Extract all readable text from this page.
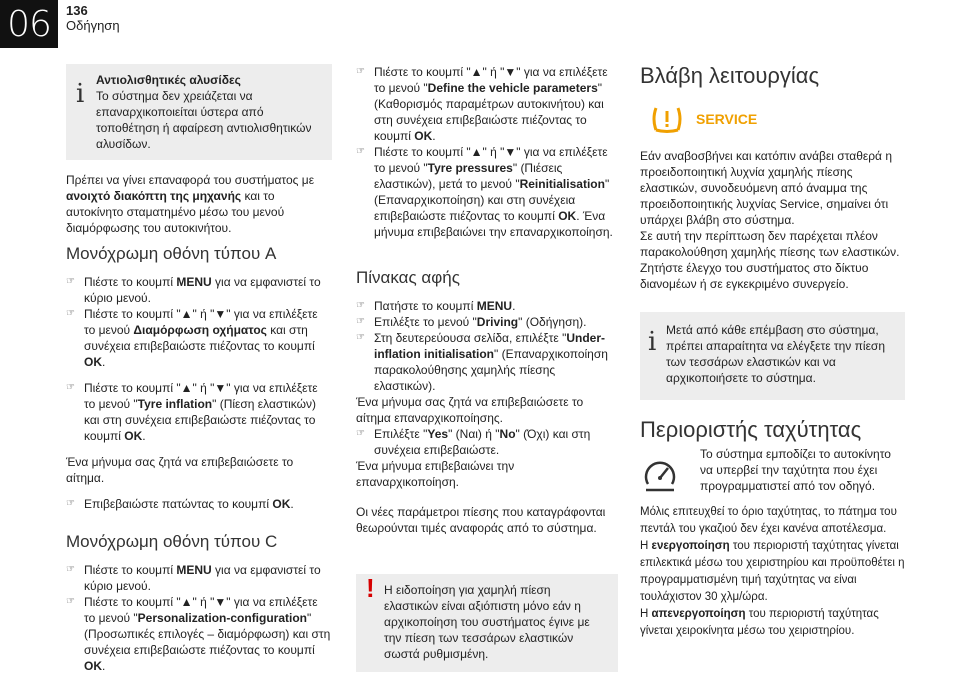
06	136
Οδήγηση
i Αντιολισθητικές αλυσίδες
Το σύστημα δεν χρειάζεται να επαναρχικοποιείται ύστερα από τοποθέτηση ή αφαίρεση αντιολισθητικών αλυσίδων.

Πρέπει να γίνει επαναφορά του συστήματος με ανοιχτό διακόπτη της μηχανής και το αυτοκίνητο σταματημένο μέσω του μενού διαμόρφωσης του αυτοκινήτου.

Μονόχρωμη οθόνη τύπου A
☞ Πιέστε το κουμπί MENU για να εμφανιστεί το κύριο μενού.
☞ Πιέστε το κουμπί "▲" ή "▼" για να επιλέξετε το μενού Διαμόρφωση οχήματος και στη συνέχεια επιβεβαιώστε πιέζοντας το κουμπί OK.
☞ Πιέστε το κουμπί "▲" ή "▼" για να επιλέξετε το μενού "Tyre inflation" (Πίεση ελαστικών) και στη συνέχεια επιβεβαιώστε πιέζοντας το κουμπί OK.

Ένα μήνυμα σας ζητά να επιβεβαιώσετε το αίτημα.

☞ Επιβεβαιώστε πατώντας το κουμπί OK.
Μονόχρωμη οθόνη τύπου C
☞ Πιέστε το κουμπί MENU για να εμφανιστεί το κύριο μενού.
☞ Πιέστε το κουμπί "▲" ή "▼" για να επιλέξετε το μενού "Personalization-configuration" (Προσωπικές επιλογές – διαμόρφωση) και στη συνέχεια επιβεβαιώστε πιέζοντας το κουμπί OK.
☞ Πιέστε το κουμπί "▲" ή "▼" για να επιλέξετε το μενού "Define the vehicle parameters" (Καθορισμός παραμέτρων αυτοκινήτου) και στη συνέχεια επιβεβαιώστε πιέζοντας το κουμπί OK.
☞ Πιέστε το κουμπί "▲" ή "▼" για να επιλέξετε το μενού "Tyre pressures" (Πιέσεις ελαστικών), μετά το μενού "Reinitialisation" (Επαναρχικοποίηση) και στη συνέχεια επιβεβαιώστε πιέζοντας το κουμπί OK. Ένα μήνυμα επιβεβαιώνει την επαναρχικοποίηση.
Πίνακας αφής
☞ Πατήστε το κουμπί MENU.
☞ Επιλέξτε το μενού "Driving" (Οδήγηση).
☞ Στη δευτερεύουσα σελίδα, επιλέξτε "Under-inflation initialisation" (Επαναρχικοποίηση παρακολούθησης χαμηλής πίεσης ελαστικών).
Ένα μήνυμα σας ζητά να επιβεβαιώσετε το αίτημα επαναρχικοποίησης.
☞ Επιλέξτε "Yes" (Ναι) ή "No" (Όχι) και στη συνέχεια επιβεβαιώστε.

Ένα μήνυμα επιβεβαιώνει την επαναρχικοποίηση.

Οι νέες παράμετροι πίεσης που καταγράφονται θεωρούνται τιμές αναφοράς από το σύστημα.

! Η ειδοποίηση για χαμηλή πίεση ελαστικών είναι αξιόπιστη μόνο εάν η αρχικοποίηση του συστήματος έγινε με την πίεση των τεσσάρων ελαστικών σωστά ρυθμισμένη.
Βλάβη λειτουργίας
SERVICE
Εάν αναβοσβήνει και κατόπιν ανάβει σταθερά η προειδοποιητική λυχνία χαμηλής πίεσης ελαστικών, συνοδευόμενη από άναμμα της προειδοποιητικής λυχνίας Service, σημαίνει ότι υπάρχει βλάβη στο σύστημα.
Σε αυτή την περίπτωση δεν παρέχεται πλέον παρακολούθηση χαμηλής πίεσης των ελαστικών.
Ζητήστε έλεγχο του συστήματος στο δίκτυο διανομέων ή σε εγκεκριμένο συνεργείο.
i Μετά από κάθε επέμβαση στο σύστημα, πρέπει απαραίτητα να ελέγξετε την πίεση των τεσσάρων ελαστικών και να αρχικοποιήσετε το σύστημα.
Περιοριστής ταχύτητας
Το σύστημα εμποδίζει το αυτοκίνητο να υπερβεί την ταχύτητα που έχει προγραμματιστεί από τον οδηγό.
Μόλις επιτευχθεί το όριο ταχύτητας, το πάτημα του πεντάλ του γκαζιού δεν έχει κανένα αποτέλεσμα.
Η ενεργοποίηση του περιοριστή ταχύτητας γίνεται επιλεκτικά μέσω του χειριστηρίου και προϋποθέτει η προγραμματισμένη τιμή ταχύτητας να είναι τουλάχιστον 30 χλμ/ώρα.
Η απενεργοποίηση του περιοριστή ταχύτητας γίνεται χειροκίνητα μέσω του χειριστηρίου.
